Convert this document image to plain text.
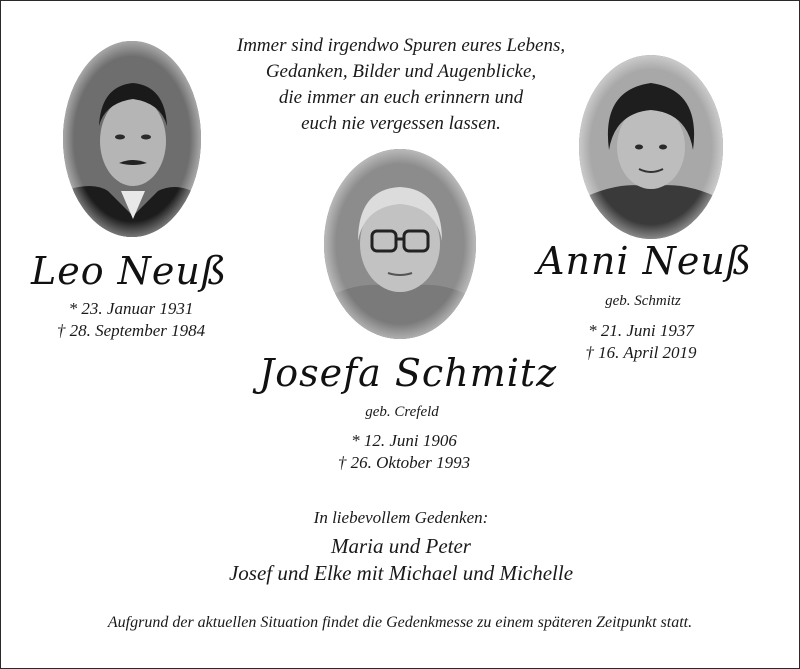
Immer sind irgendwo Spuren eures Lebens,
Gedanken, Bilder und Augenblicke,
die immer an euch erinnern und
euch nie vergessen lassen.
Leo Neuß
* 23. Januar 1931
† 28. September 1984
Anni Neuß
geb. Schmitz
* 21. Juni 1937
† 16. April 2019
Josefa Schmitz
geb. Crefeld
* 12. Juni 1906
† 26. Oktober 1993
In liebevollem Gedenken:
Maria und Peter
Josef und Elke mit Michael und Michelle
Aufgrund der aktuellen Situation findet die Gedenkmesse zu einem späteren Zeitpunkt statt.
